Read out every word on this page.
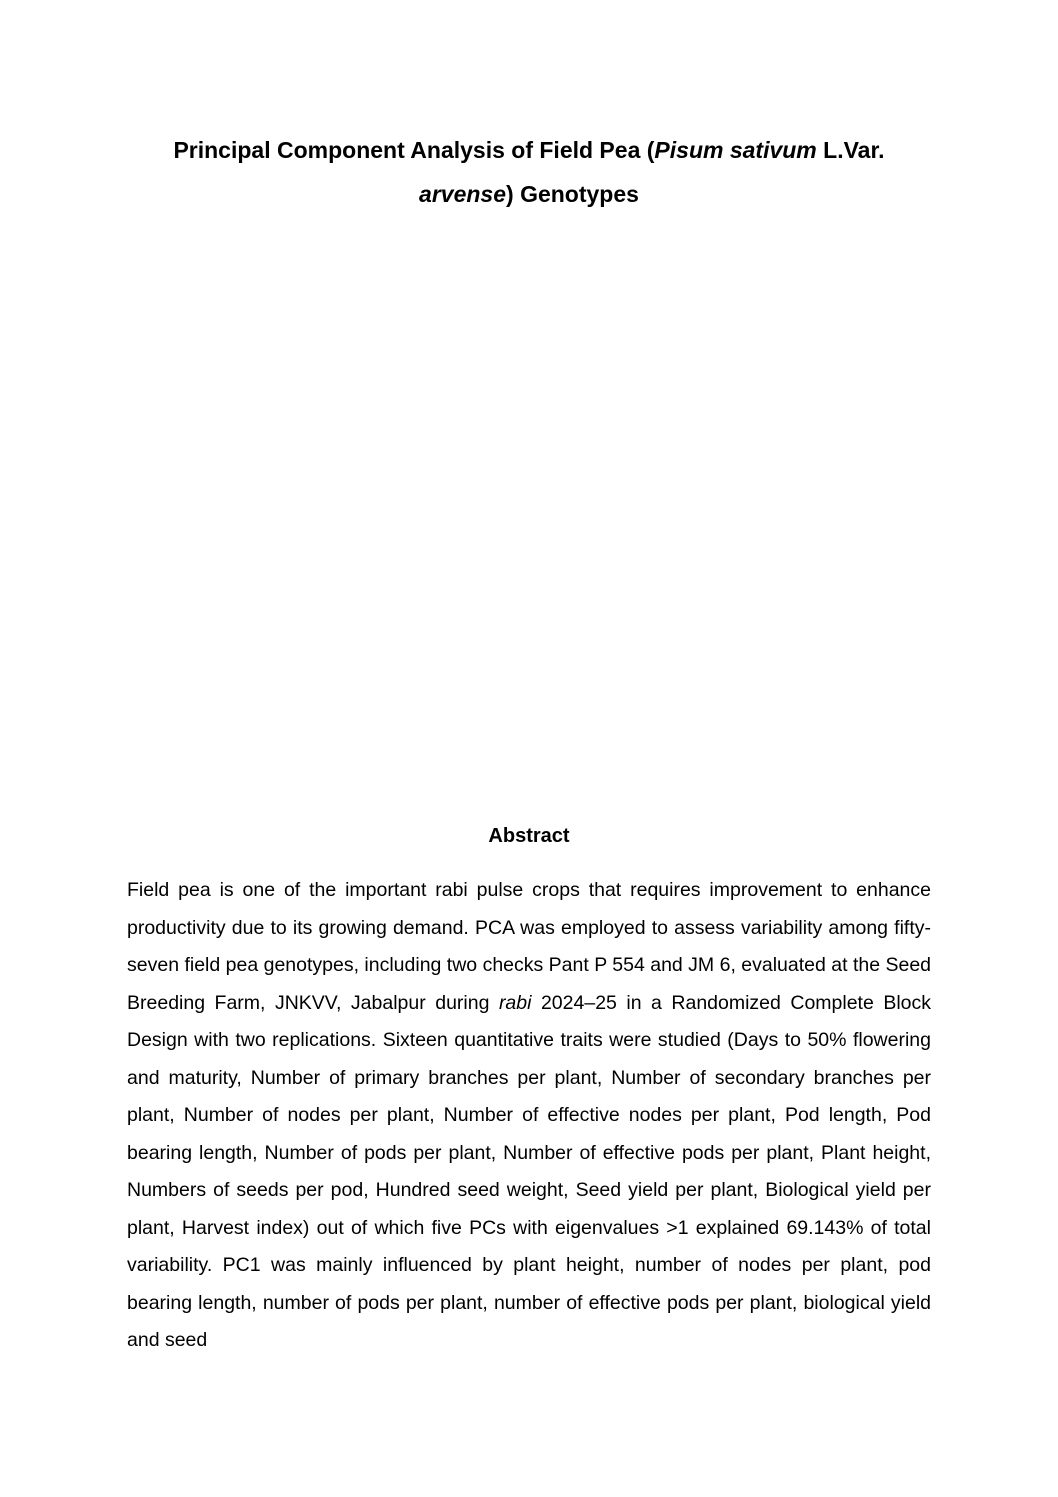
Principal Component Analysis of Field Pea (Pisum sativum L.Var. arvense) Genotypes
Abstract

Field pea is one of the important rabi pulse crops that requires improvement to enhance productivity due to its growing demand. PCA was employed to assess variability among fifty-seven field pea genotypes, including two checks Pant P 554 and JM 6, evaluated at the Seed Breeding Farm, JNKVV, Jabalpur during rabi 2024–25 in a Randomized Complete Block Design with two replications. Sixteen quantitative traits were studied (Days to 50% flowering and maturity, Number of primary branches per plant, Number of secondary branches per plant, Number of nodes per plant, Number of effective nodes per plant, Pod length, Pod bearing length, Number of pods per plant, Number of effective pods per plant, Plant height, Numbers of seeds per pod, Hundred seed weight, Seed yield per plant, Biological yield per plant, Harvest index) out of which five PCs with eigenvalues >1 explained 69.143% of total variability. PC1 was mainly influenced by plant height, number of nodes per plant, pod bearing length, number of pods per plant, number of effective pods per plant, biological yield and seed
